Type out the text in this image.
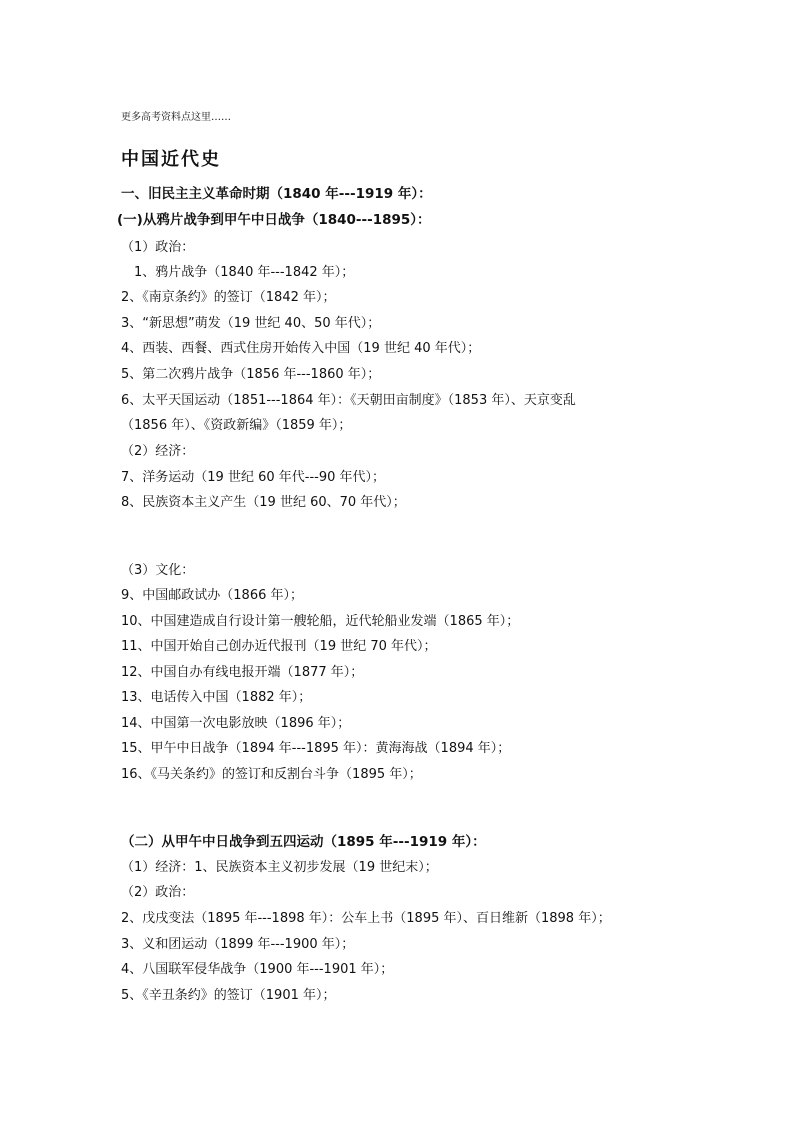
更多高考资料点这里……
中国近代史
一、旧民主主义革命时期（1840 年---1919 年）：
(一)从鸦片战争到甲午中日战争（1840---1895）：
（1）政治：
1、鸦片战争（1840 年---1842 年）；
2、《南京条约》的签订（1842 年）；
3、“新思想”萌发（19 世纪 40、50 年代）；
4、西装、西餐、西式住房开始传入中国（19 世纪 40 年代）；
5、第二次鸦片战争（1856 年---1860 年）；
6、太平天国运动（1851---1864 年）：《天朝田亩制度》（1853 年）、天京变乱
（1856 年）、《资政新编》（1859 年）；
（2）经济：
7、洋务运动（19 世纪 60 年代---90 年代）；
8、民族资本主义产生（19 世纪 60、70 年代）；
（3）文化：
9、中国邮政试办（1866 年）；
10、中国建造成自行设计第一艘轮船，近代轮船业发端（1865 年）；
11、中国开始自己创办近代报刊（19 世纪 70 年代）；
12、中国自办有线电报开端（1877 年）；
13、电话传入中国（1882 年）；
14、中国第一次电影放映（1896 年）；
15、甲午中日战争（1894 年---1895 年）：黄海海战（1894 年）；
16、《马关条约》的签订和反割台斗争（1895 年）；
（二）从甲午中日战争到五四运动（1895 年---1919 年）：
（1）经济：1、民族资本主义初步发展（19 世纪末）；
（2）政治：
2、戊戌变法（1895 年---1898 年）：公车上书（1895 年）、百日维新（1898 年）；
3、义和团运动（1899 年---1900 年）；
4、八国联军侵华战争（1900 年---1901 年）；
5、《辛丑条约》的签订（1901 年）；
